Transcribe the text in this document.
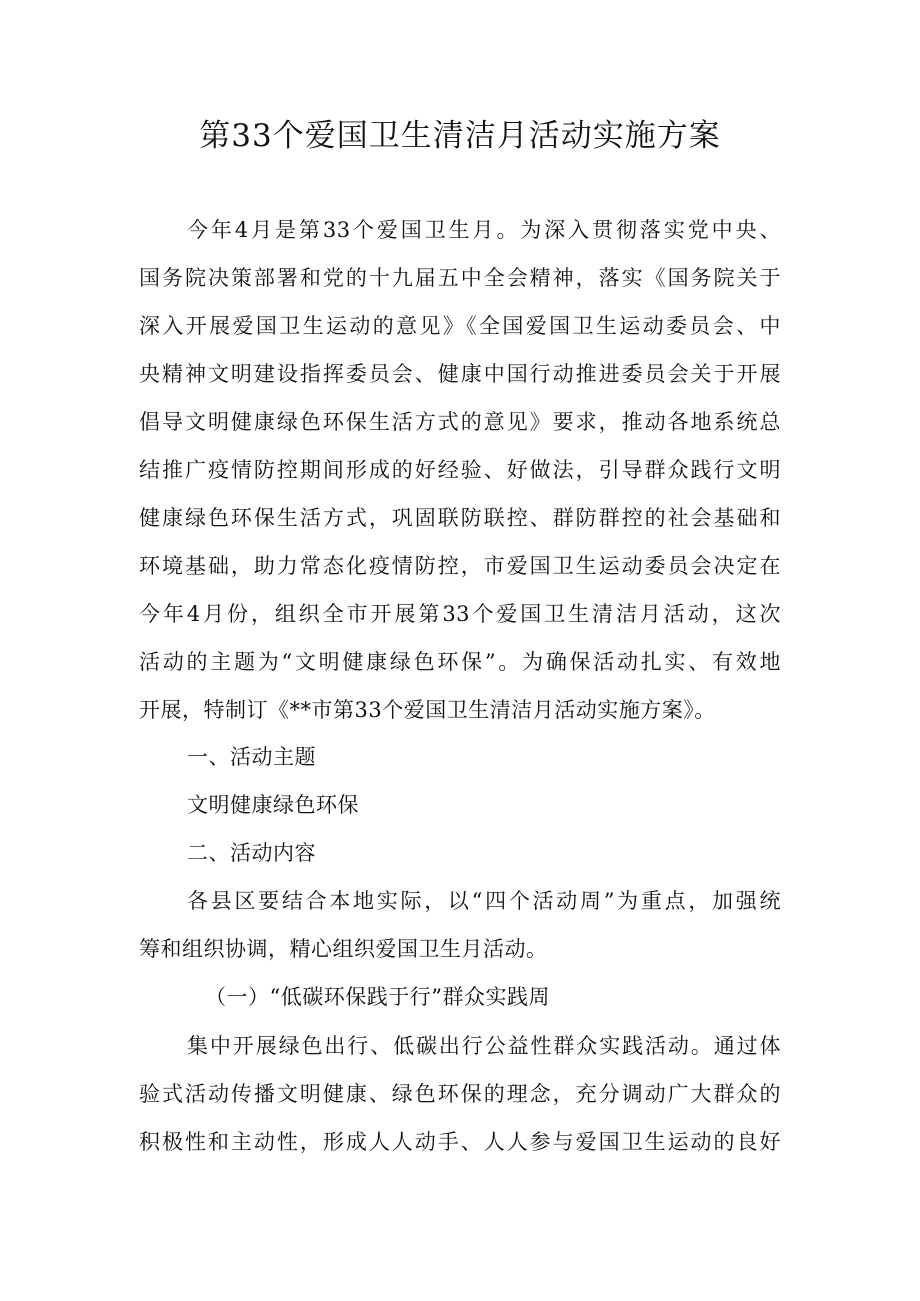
第33个爱国卫生清洁月活动实施方案
今年4月是第33个爱国卫生月。为深入贯彻落实党中央、
国务院决策部署和党的十九届五中全会精神，落实《国务院关于
深入开展爱国卫生运动的意见》《全国爱国卫生运动委员会、中
央精神文明建设指挥委员会、健康中国行动推进委员会关于开展
倡导文明健康绿色环保生活方式的意见》要求，推动各地系统总
结推广疫情防控期间形成的好经验、好做法，引导群众践行文明
健康绿色环保生活方式，巩固联防联控、群防群控的社会基础和
环境基础，助力常态化疫情防控，市爱国卫生运动委员会决定在
今年4月份，组织全市开展第33个爱国卫生清洁月活动，这次
活动的主题为“文明健康绿色环保”。为确保活动扎实、有效地
开展，特制订《**市第33个爱国卫生清洁月活动实施方案》。
一、活动主题
文明健康绿色环保
二、活动内容
各县区要结合本地实际，以“四个活动周”为重点，加强统
筹和组织协调，精心组织爱国卫生月活动。
（一）“低碳环保践于行”群众实践周
集中开展绿色出行、低碳出行公益性群众实践活动。通过体
验式活动传播文明健康、绿色环保的理念，充分调动广大群众的
积极性和主动性，形成人人动手、人人参与爱国卫生运动的良好
